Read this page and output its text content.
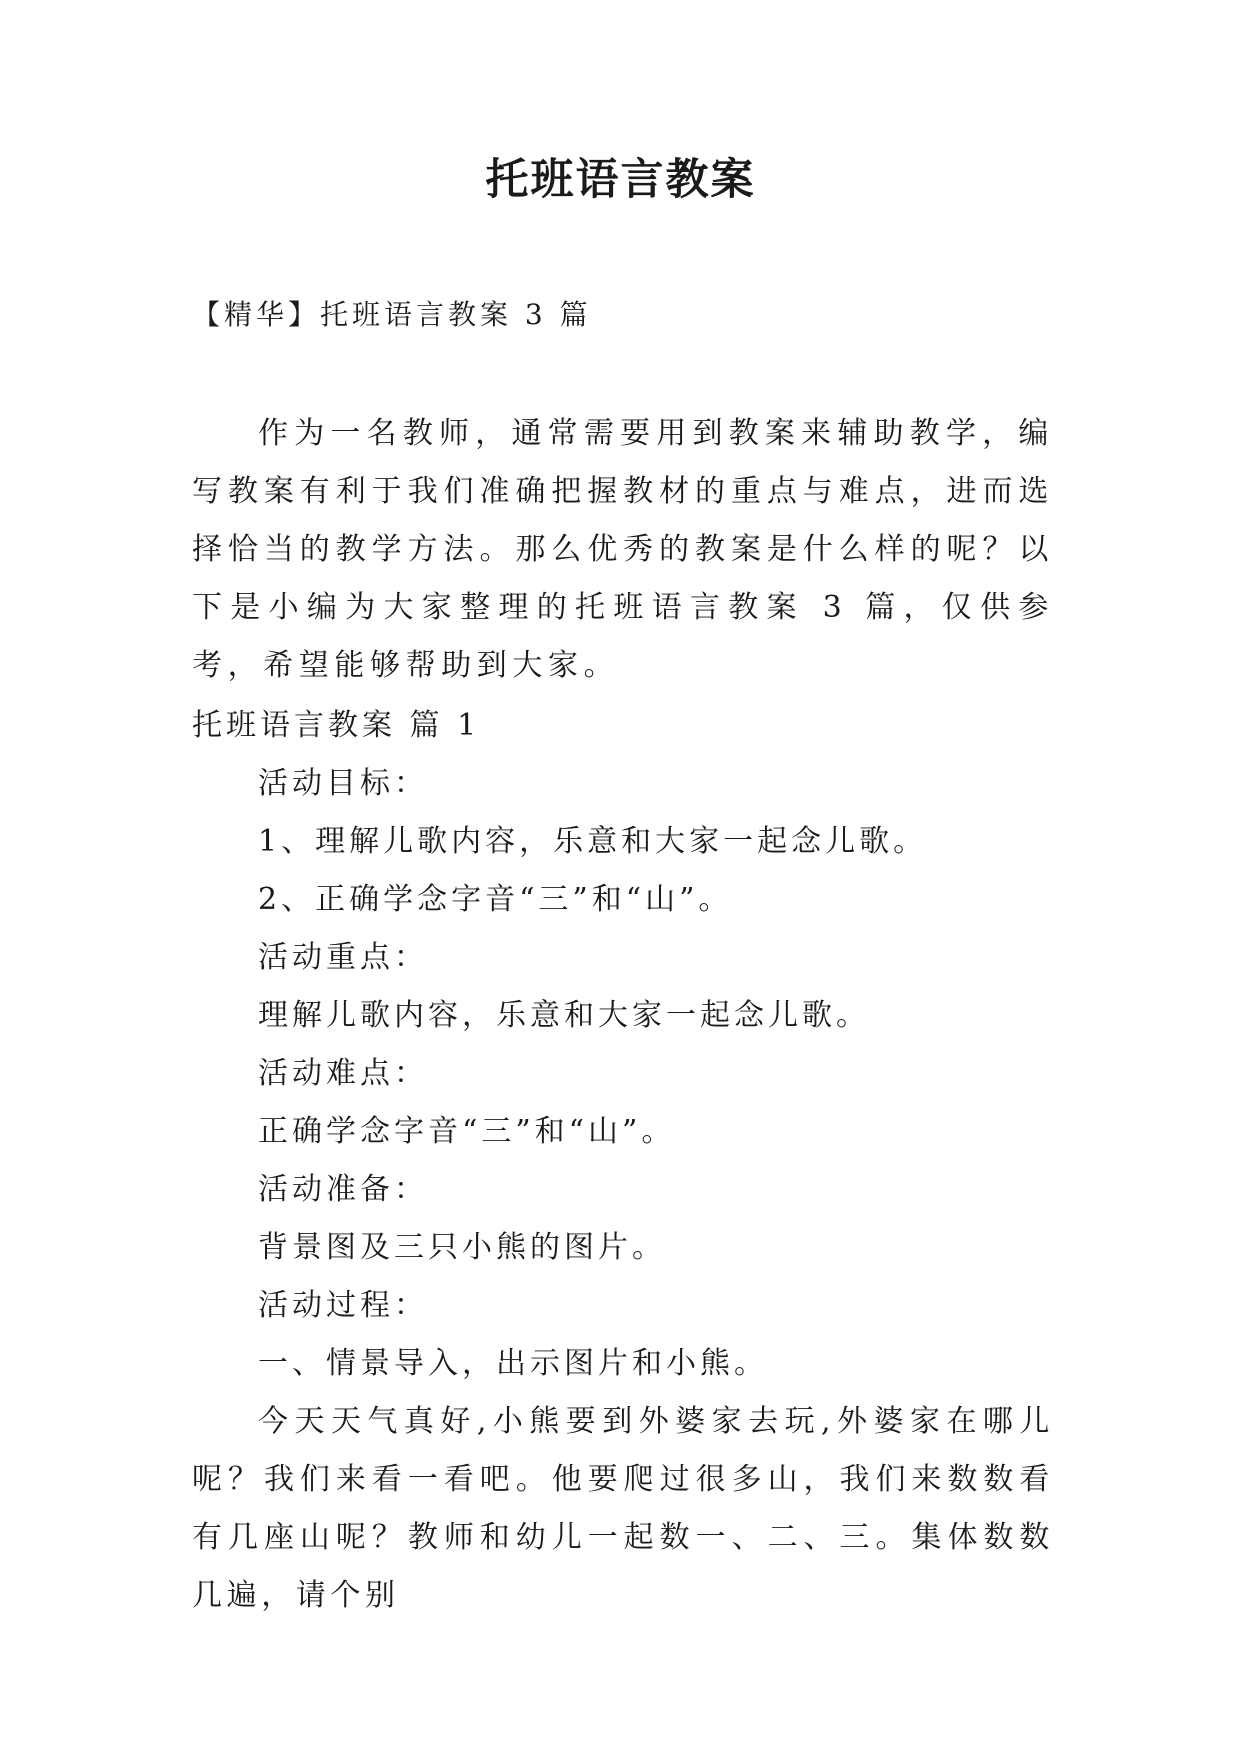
托班语言教案
【精华】托班语言教案 3 篇
作为一名教师，通常需要用到教案来辅助教学，编写教案有利于我们准确把握教材的重点与难点，进而选择恰当的教学方法。那么优秀的教案是什么样的呢？以下是小编为大家整理的托班语言教案 3 篇，仅供参考，希望能够帮助到大家。
托班语言教案 篇 1
活动目标：
1、理解儿歌内容，乐意和大家一起念儿歌。
2、正确学念字音“三”和“山”。
活动重点：
理解儿歌内容，乐意和大家一起念儿歌。
活动难点：
正确学念字音“三”和“山”。
活动准备：
背景图及三只小熊的图片。
活动过程：
一、情景导入，出示图片和小熊。
今天天气真好,小熊要到外婆家去玩,外婆家在哪儿呢？我们来看一看吧。他要爬过很多山，我们来数数看有几座山呢？教师和幼儿一起数一、二、三。集体数数几遍，请个别
